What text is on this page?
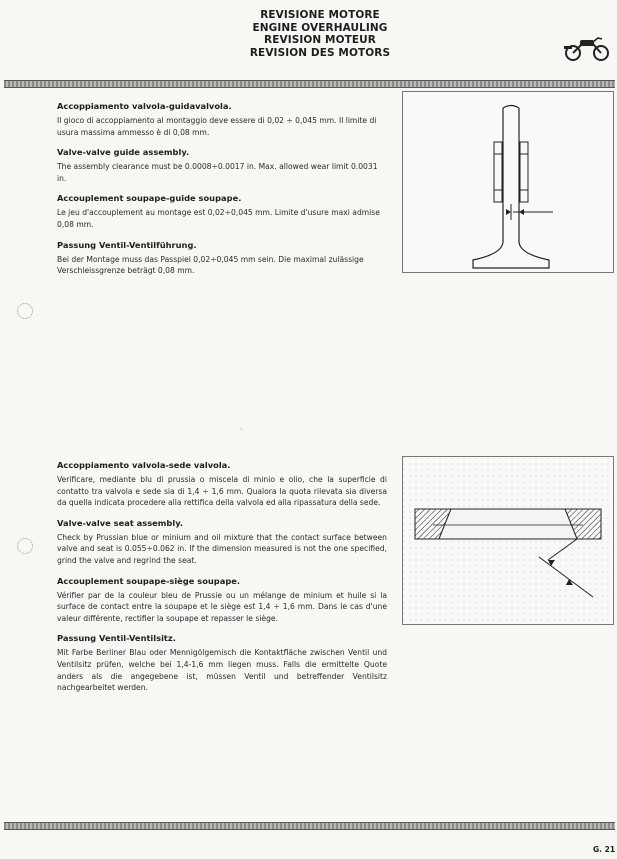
REVISIONE MOTORE
ENGINE OVERHAULING
REVISION MOTEUR
REVISION DES MOTORS
Accoppiamento valvola-guidavalvola.

Il gioco di accoppiamento al montaggio deve essere di 0,02 ÷ 0,045 mm. Il limite di usura massima ammesso è di 0,08 mm.

Valve-valve guide assembly.

The assembly clearance must be 0.0008÷0.0017 in. Max. allowed wear limit 0.0031 in.

Accouplement soupape-guide soupape.

Le jeu d'accouplement au montage est 0,02÷0,045 mm. Limite d'usure maxi admise 0,08 mm.

Passung Ventil-Ventilführung.

Bei der Montage muss das Passpiel 0,02÷0,045 mm sein. Die maximal zulässige Verschleissgrenze beträgt 0,08 mm.

·
Accoppiamento valvola-sede valvola.

Verificare, mediante blu di prussia o miscela di minio e olio, che la superficie di contatto tra valvola e sede sia di 1,4 ÷ 1,6 mm. Qualora la quota rilevata sia diversa da quella indicata procedere alla rettifica della valvola ed alla ripassatura della sede.

Valve-valve seat assembly.

Check by Prussian blue or minium and oil mixture that the contact surface between valve and seat is 0.055÷0.062 in. If the dimension measured is not the one specified, grind the valve and regrind the seat.

Accouplement soupape-siège soupape.

Vérifier par de la couleur bleu de Prussie ou un mélange de minium et huile si la surface de contact entre la soupape et le siège est 1,4 ÷ 1,6 mm. Dans le cas d'une valeur différente, rectifier la soupape et repasser le siège.

Passung Ventil-Ventilsitz.

Mit Farbe Berliner Blau oder Mennigölgemisch die Kontaktfläche zwischen Ventil und Ventilsitz prüfen, welche bei 1,4-1,6 mm liegen muss. Falls die ermittelte Quote anders als die angegebene ist, müssen Ventil und betreffender Ventilsitz nachgearbeitet werden.

G. 21
